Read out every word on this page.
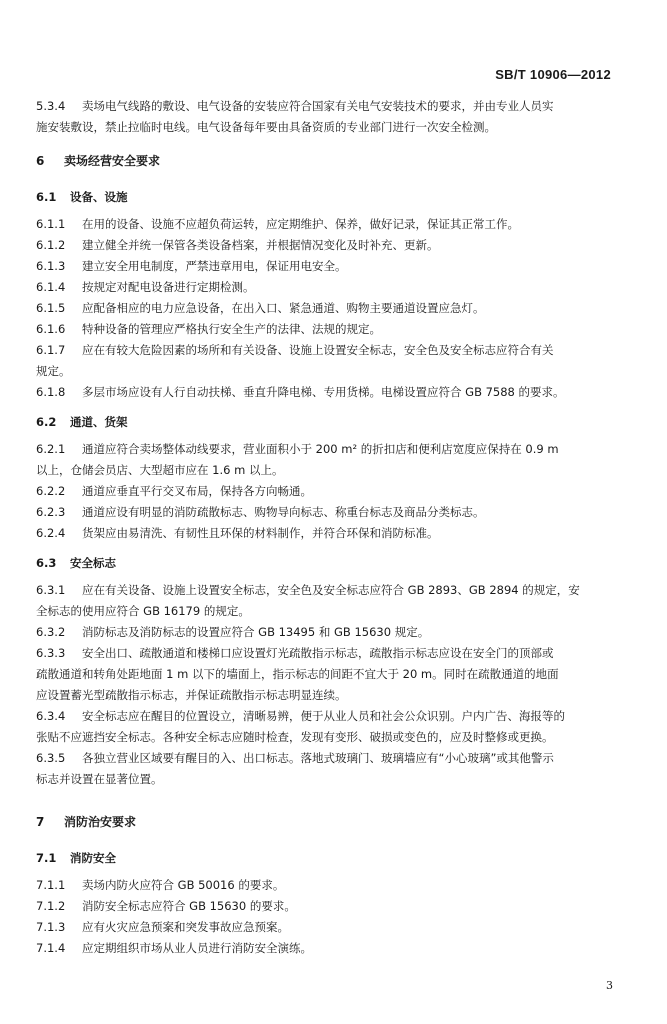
SB/T 10906—2012
5.3.4	卖场电气线路的敷设、电气设备的安装应符合国家有关电气安装技术的要求，并由专业人员实
施安装敷设，禁止拉临时电线。电气设备每年要由具备资质的专业部门进行一次安全检测。
6	卖场经营安全要求
6.1	设备、设施
6.1.1	在用的设备、设施不应超负荷运转，应定期维护、保养，做好记录，保证其正常工作。
6.1.2	建立健全并统一保管各类设备档案，并根据情况变化及时补充、更新。
6.1.3	建立安全用电制度，严禁违章用电，保证用电安全。
6.1.4	按规定对配电设备进行定期检测。
6.1.5	应配备相应的电力应急设备，在出入口、紧急通道、购物主要通道设置应急灯。
6.1.6	特种设备的管理应严格执行安全生产的法律、法规的规定。
6.1.7	应在有较大危险因素的场所和有关设备、设施上设置安全标志，安全色及安全标志应符合有关
规定。
6.1.8	多层市场应设有人行自动扶梯、垂直升降电梯、专用货梯。电梯设置应符合 GB 7588 的要求。
6.2	通道、货架
6.2.1	通道应符合卖场整体动线要求，营业面积小于 200 m² 的折扣店和便利店宽度应保持在 0.9 m
以上，仓储会员店、大型超市应在 1.6 m 以上。
6.2.2	通道应垂直平行交叉布局，保持各方向畅通。
6.2.3	通道应设有明显的消防疏散标志、购物导向标志、称重台标志及商品分类标志。
6.2.4	货架应由易清洗、有韧性且环保的材料制作，并符合环保和消防标准。
6.3	安全标志
6.3.1	应在有关设备、设施上设置安全标志，安全色及安全标志应符合 GB 2893、GB 2894 的规定，安
全标志的使用应符合 GB 16179 的规定。
6.3.2	消防标志及消防标志的设置应符合 GB 13495 和 GB 15630 规定。
6.3.3	安全出口、疏散通道和楼梯口应设置灯光疏散指示标志，疏散指示标志应设在安全门的顶部或
疏散通道和转角处距地面 1 m 以下的墙面上，指示标志的间距不宜大于 20 m。同时在疏散通道的地面
应设置蓄光型疏散指示标志，并保证疏散指示标志明显连续。
6.3.4	安全标志应在醒目的位置设立，清晰易辨，便于从业人员和社会公众识别。户内广告、海报等的
张贴不应遮挡安全标志。各种安全标志应随时检查，发现有变形、破损或变色的，应及时整修或更换。
6.3.5	各独立营业区域要有醒目的入、出口标志。落地式玻璃门、玻璃墙应有“小心玻璃”或其他警示
标志并设置在显著位置。
7	消防治安要求
7.1	消防安全
7.1.1	卖场内防火应符合 GB 50016 的要求。
7.1.2	消防安全标志应符合 GB 15630 的要求。
7.1.3	应有火灾应急预案和突发事故应急预案。
7.1.4	应定期组织市场从业人员进行消防安全演练。
3
